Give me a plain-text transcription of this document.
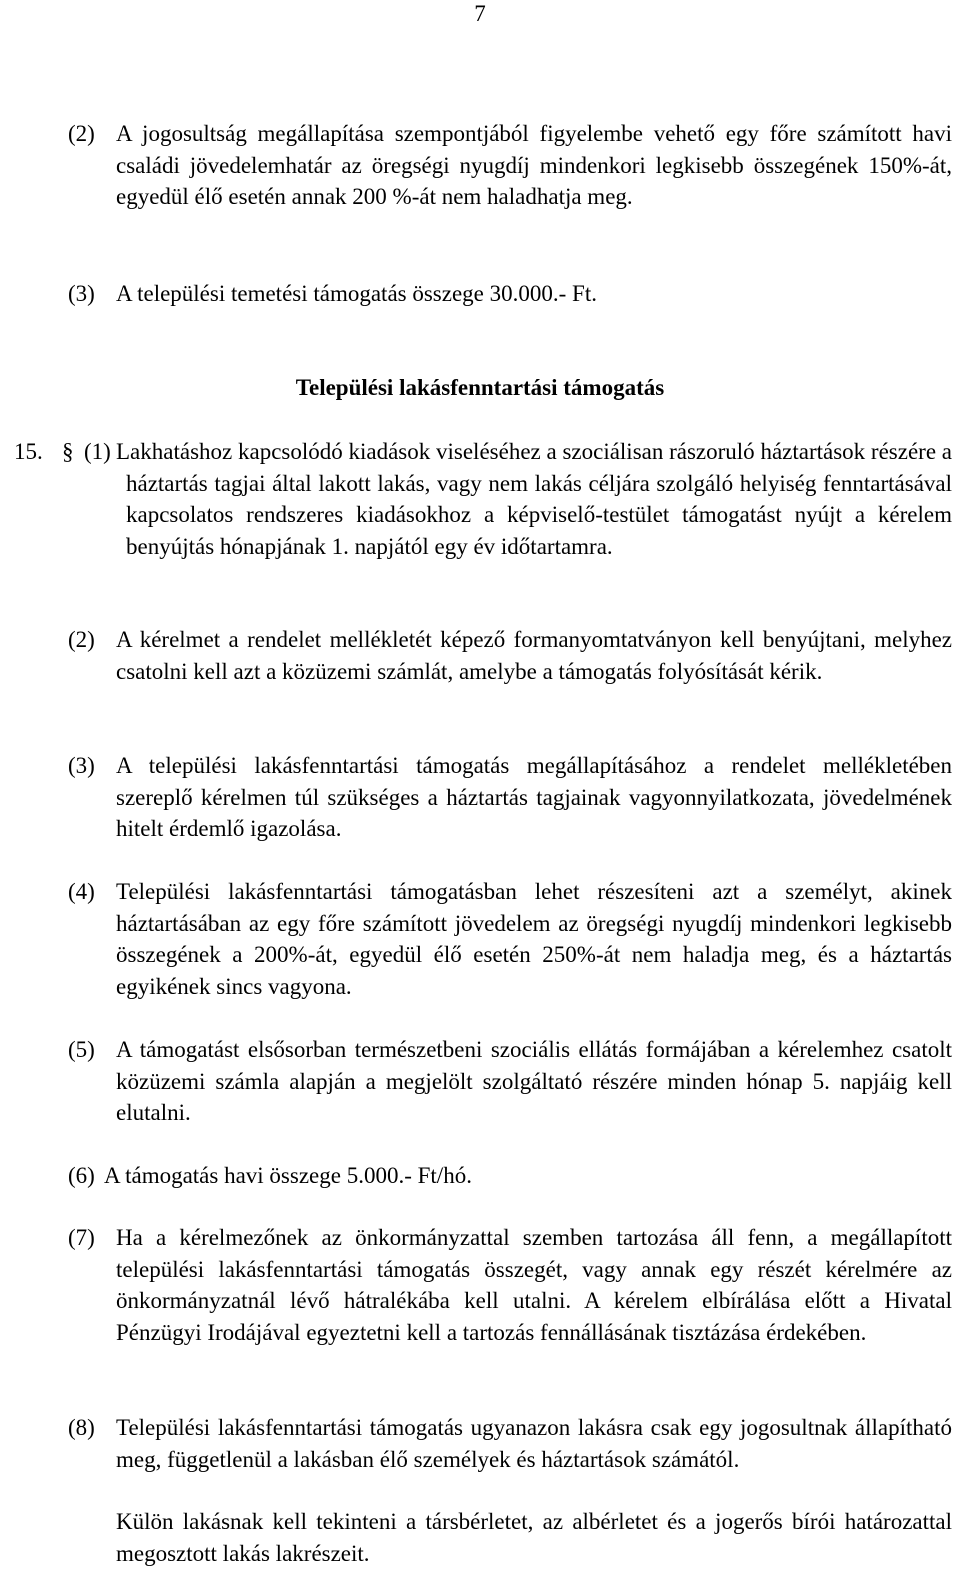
7
(2) A jogosultság megállapítása szempontjából figyelembe vehető egy főre számított havi családi jövedelemhatár az öregségi nyugdíj mindenkori legkisebb összegének 150%-át, egyedül élő esetén annak 200 %-át nem haladhatja meg.
(3) A települési temetési támogatás összege 30.000.- Ft.
Települési lakásfenntartási támogatás
15. § (1) Lakhatáshoz kapcsolódó kiadások viseléséhez a szociálisan rászoruló háztartások részére a háztartás tagjai által lakott lakás, vagy nem lakás céljára szolgáló helyiség fenntartásával kapcsolatos rendszeres kiadásokhoz a képviselő-testület támogatást nyújt a kérelem benyújtás hónapjának 1. napjától egy év időtartamra.
(2) A kérelmet a rendelet mellékletét képező formanyomtatványon kell benyújtani, melyhez csatolni kell azt a közüzemi számlát, amelybe a támogatás folyósítását kérik.
(3) A települési lakásfenntartási támogatás megállapításához a rendelet mellékletében szereplő kérelmen túl szükséges a háztartás tagjainak vagyonnyilatkozata, jövedelmének hitelt érdemlő igazolása.
(4) Települési lakásfenntartási támogatásban lehet részesíteni azt a személyt, akinek háztartásában az egy főre számított jövedelem az öregségi nyugdíj mindenkori legkisebb összegének a 200%-át, egyedül élő esetén 250%-át nem haladja meg, és a háztartás egyikének sincs vagyona.
(5) A támogatást elsősorban természetbeni szociális ellátás formájában a kérelemhez csatolt közüzemi számla alapján a megjelölt szolgáltató részére minden hónap 5. napjáig kell elutalni.
(6) A támogatás havi összege 5.000.- Ft/hó.
(7) Ha a kérelmezőnek az önkormányzattal szemben tartozása áll fenn, a megállapított települési lakásfenntartási támogatás összegét, vagy annak egy részét kérelmére az önkormányzatnál lévő hátralékába kell utalni. A kérelem elbírálása előtt a Hivatal Pénzügyi Irodájával egyeztetni kell a tartozás fennállásának tisztázása érdekében.
(8) Települési lakásfenntartási támogatás ugyanazon lakásra csak egy jogosultnak állapítható meg, függetlenül a lakásban élő személyek és háztartások számától.
Külön lakásnak kell tekinteni a társbérletet, az albérletet és a jogerős bírói határozattal megosztott lakás lakrészeit.
